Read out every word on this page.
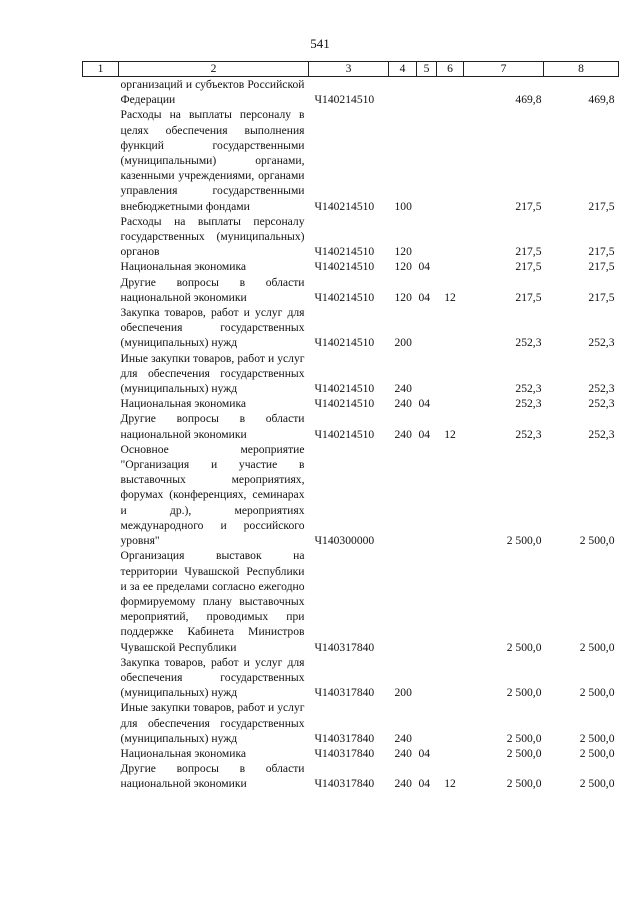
541
1	2	3	4	5	6	7	8
	организаций и субъектов Российской Федерации	Ч140214510				469,8	469,8
	Расходы на выплаты персоналу в целях обеспечения выполнения функций государственными (муниципальными) органами, казенными учреждениями, органами управления государственными внебюджетными фондами	Ч140214510	100			217,5	217,5
	Расходы на выплаты персоналу государственных (муниципальных) органов	Ч140214510	120			217,5	217,5
	Национальная экономика	Ч140214510	120	04		217,5	217,5
	Другие вопросы в области национальной экономики	Ч140214510	120	04	12	217,5	217,5
	Закупка товаров, работ и услуг для обеспечения государственных (муниципальных) нужд	Ч140214510	200			252,3	252,3
	Иные закупки товаров, работ и услуг для обеспечения государственных (муниципальных) нужд	Ч140214510	240			252,3	252,3
	Национальная экономика	Ч140214510	240	04		252,3	252,3
	Другие вопросы в области национальной экономики	Ч140214510	240	04	12	252,3	252,3
	Основное мероприятие "Организация и участие в выставочных мероприятиях, форумах (конференциях, семинарах и др.), мероприятиях международного и российского уровня"	Ч140300000				2 500,0	2 500,0
	Организация выставок на территории Чувашской Республики и за ее пределами согласно ежегодно формируемому плану выставочных мероприятий, проводимых при поддержке Кабинета Министров Чувашской Республики	Ч140317840				2 500,0	2 500,0
	Закупка товаров, работ и услуг для обеспечения государственных (муниципальных) нужд	Ч140317840	200			2 500,0	2 500,0
	Иные закупки товаров, работ и услуг для обеспечения государственных (муниципальных) нужд	Ч140317840	240			2 500,0	2 500,0
	Национальная экономика	Ч140317840	240	04		2 500,0	2 500,0
	Другие вопросы в области национальной экономики	Ч140317840	240	04	12	2 500,0	2 500,0
